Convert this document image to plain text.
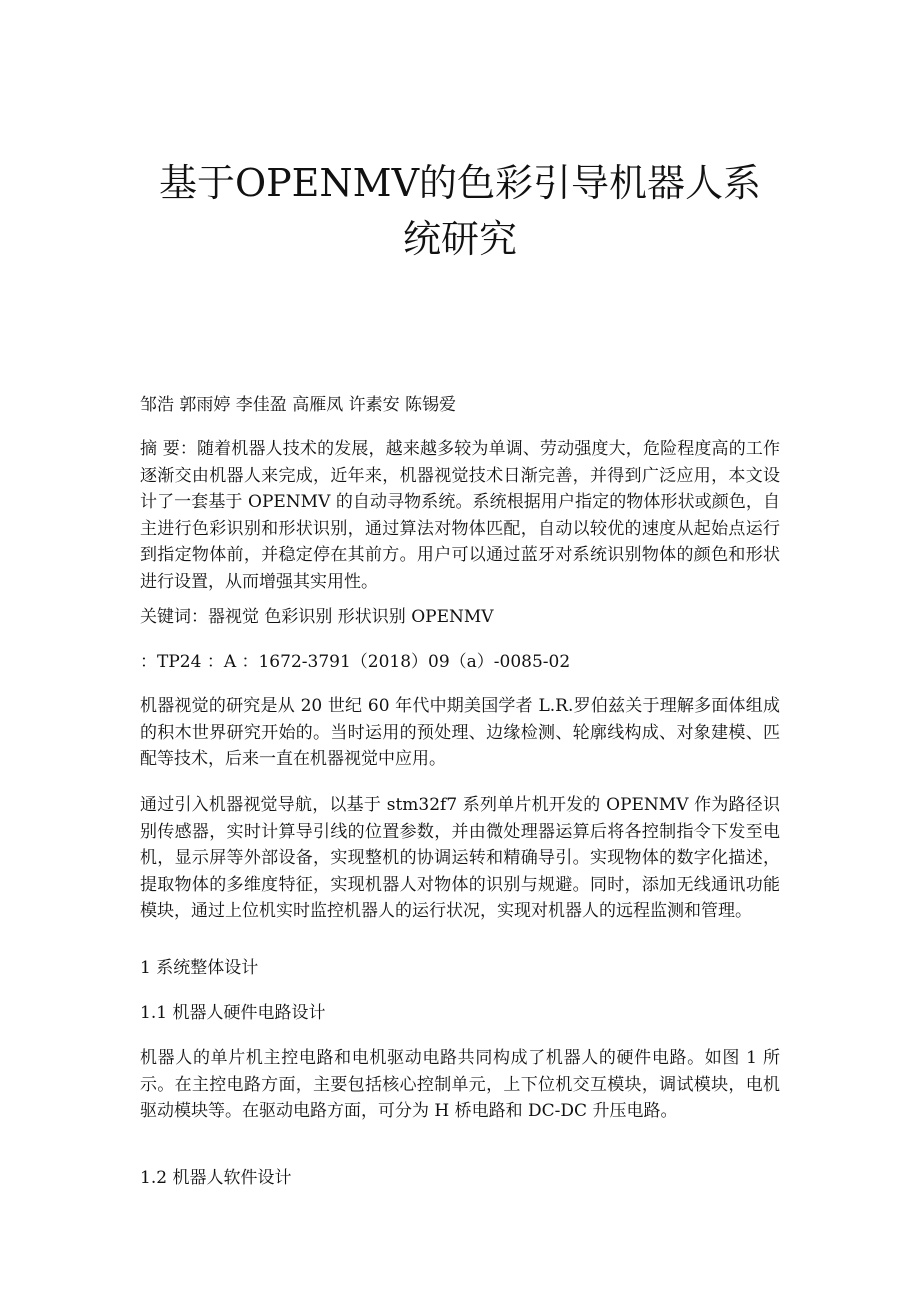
基于OPENMV的色彩引导机器人系统研究

邹浩 郭雨婷 李佳盈 高雁凤 许素安 陈锡爱

摘 要：随着机器人技术的发展，越来越多较为单调、劳动强度大，危险程度高的工作逐渐交由机器人来完成，近年来，机器视觉技术日渐完善，并得到广泛应用，本文设计了一套基于 OPENMV 的自动寻物系统。系统根据用户指定的物体形状或颜色，自主进行色彩识别和形状识别，通过算法对物体匹配，自动以较优的速度从起始点运行到指定物体前，并稳定停在其前方。用户可以通过蓝牙对系统识别物体的颜色和形状进行设置，从而增强其实用性。

关键词：器视觉 色彩识别 形状识别 OPENMV

：TP24 ：A ：1672-3791（2018）09（a）-0085-02

机器视觉的研究是从 20 世纪 60 年代中期美国学者 L.R.罗伯兹关于理解多面体组成的积木世界研究开始的。当时运用的预处理、边缘检测、轮廓线构成、对象建模、匹配等技术，后来一直在机器视觉中应用。

通过引入机器视觉导航，以基于 stm32f7 系列单片机开发的 OPENMV 作为路径识别传感器，实时计算导引线的位置参数，并由微处理器运算后将各控制指令下发至电机，显示屏等外部设备，实现整机的协调运转和精确导引。实现物体的数字化描述，提取物体的多维度特征，实现机器人对物体的识别与规避。同时，添加无线通讯功能模块，通过上位机实时监控机器人的运行状况，实现对机器人的远程监测和管理。

1 系统整体设计

1.1 机器人硬件电路设计

机器人的单片机主控电路和电机驱动电路共同构成了机器人的硬件电路。如图 1 所示。在主控电路方面，主要包括核心控制单元，上下位机交互模块，调试模块，电机驱动模块等。在驱动电路方面，可分为 H 桥电路和 DC-DC 升压电路。

1.2 机器人软件设计
